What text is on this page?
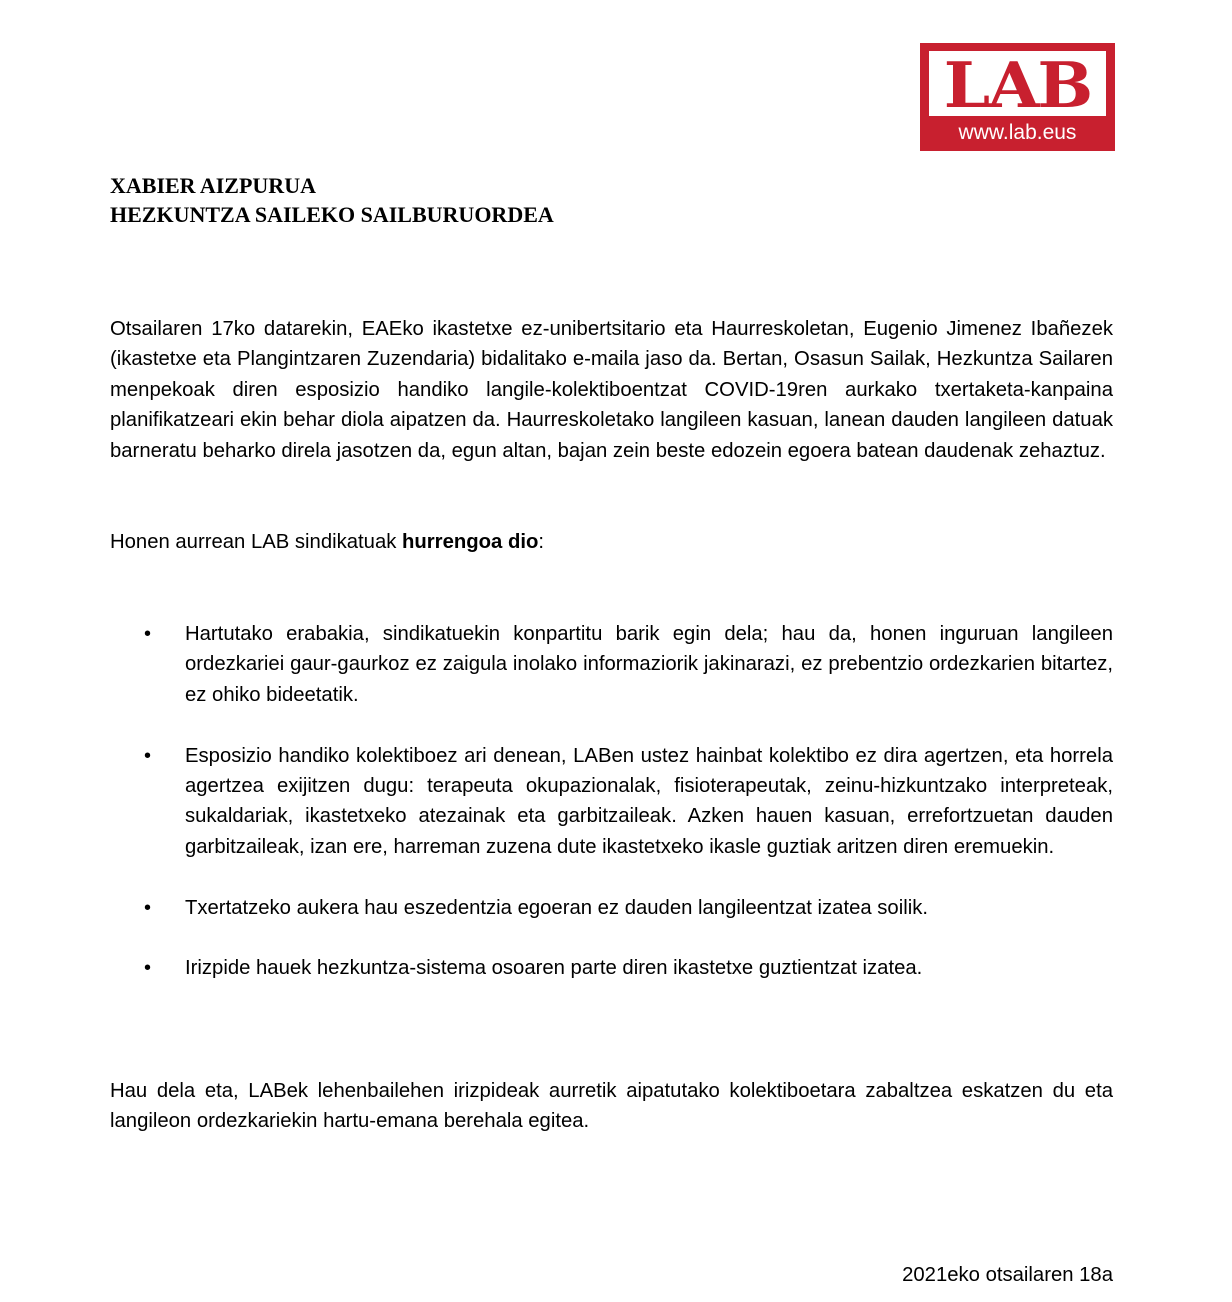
LAB
www.lab.eus
XABIER AIZPURUA
HEZKUNTZA SAILEKO SAILBURUORDEA

Otsailaren 17ko datarekin, EAEko ikastetxe ez-unibertsitario eta Haurreskoletan, Eugenio Jimenez Ibañezek (ikastetxe eta Plangintzaren Zuzendaria) bidalitako e-maila jaso da. Bertan, Osasun Sailak, Hezkuntza Sailaren menpekoak diren esposizio handiko langile-kolektiboentzat COVID-19ren aurkako txertaketa-kanpaina planifikatzeari ekin behar diola aipatzen da. Haurreskoletako langileen kasuan, lanean dauden langileen datuak barneratu beharko direla jasotzen da, egun altan, bajan zein beste edozein egoera batean daudenak zehaztuz.

Honen aurrean LAB sindikatuak hurrengoa dio:

• Hartutako erabakia, sindikatuekin konpartitu barik egin dela; hau da, honen inguruan langileen ordezkariei gaur-gaurkoz ez zaigula inolako informaziorik jakinarazi, ez prebentzio ordezkarien bitartez, ez ohiko bideetatik.
• Esposizio handiko kolektiboez ari denean, LABen ustez hainbat kolektibo ez dira agertzen, eta horrela agertzea exijitzen dugu: terapeuta okupazionalak, fisioterapeutak, zeinu-hizkuntzako interpreteak, sukaldariak, ikastetxeko atezainak eta garbitzaileak. Azken hauen kasuan, errefortzuetan dauden garbitzaileak, izan ere, harreman zuzena dute ikastetxeko ikasle guztiak aritzen diren eremuekin.
• Txertatzeko aukera hau eszedentzia egoeran ez dauden langileentzat izatea soilik.
• Irizpide hauek hezkuntza-sistema osoaren parte diren ikastetxe guztientzat izatea.

Hau dela eta, LABek lehenbailehen irizpideak aurretik aipatutako kolektiboetara zabaltzea eskatzen du eta langileon ordezkariekin hartu-emana berehala egitea.

2021eko otsailaren 18a
